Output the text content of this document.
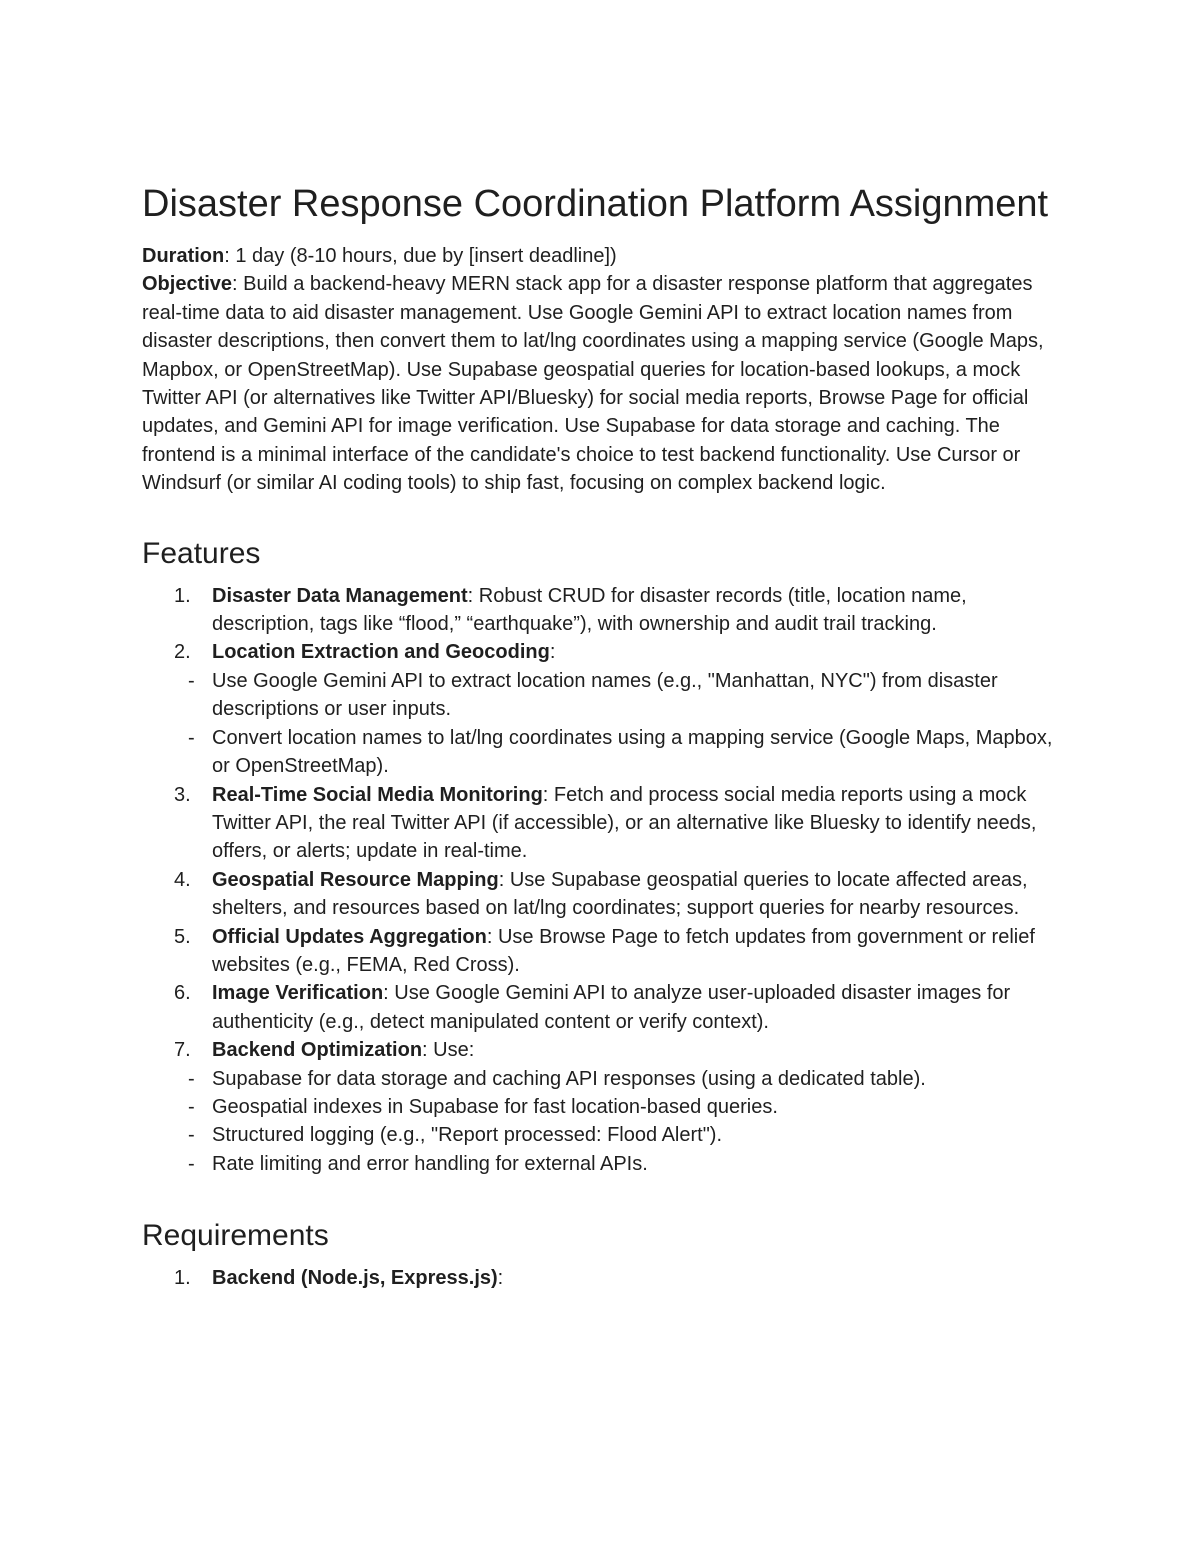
Disaster Response Coordination Platform Assignment

Duration: 1 day (8-10 hours, due by [insert deadline])

Objective: Build a backend-heavy MERN stack app for a disaster response platform that aggregates real-time data to aid disaster management. Use Google Gemini API to extract location names from disaster descriptions, then convert them to lat/lng coordinates using a mapping service (Google Maps, Mapbox, or OpenStreetMap). Use Supabase geospatial queries for location-based lookups, a mock Twitter API (or alternatives like Twitter API/Bluesky) for social media reports, Browse Page for official updates, and Gemini API for image verification. Use Supabase for data storage and caching. The frontend is a minimal interface of the candidate's choice to test backend functionality. Use Cursor or Windsurf (or similar AI coding tools) to ship fast, focusing on complex backend logic.

Features
1.	Disaster Data Management: Robust CRUD for disaster records (title, location name, description, tags like “flood,” “earthquake”), with ownership and audit trail tracking.
2.	Location Extraction and Geocoding:
- Use Google Gemini API to extract location names (e.g., "Manhattan, NYC") from disaster descriptions or user inputs.
- Convert location names to lat/lng coordinates using a mapping service (Google Maps, Mapbox, or OpenStreetMap).
3.	Real-Time Social Media Monitoring: Fetch and process social media reports using a mock Twitter API, the real Twitter API (if accessible), or an alternative like Bluesky to identify needs, offers, or alerts; update in real-time.
4.	Geospatial Resource Mapping: Use Supabase geospatial queries to locate affected areas, shelters, and resources based on lat/lng coordinates; support queries for nearby resources.
5.	Official Updates Aggregation: Use Browse Page to fetch updates from government or relief websites (e.g., FEMA, Red Cross).
6.	Image Verification: Use Google Gemini API to analyze user-uploaded disaster images for authenticity (e.g., detect manipulated content or verify context).
7.	Backend Optimization: Use:
- Supabase for data storage and caching API responses (using a dedicated table).
- Geospatial indexes in Supabase for fast location-based queries.
- Structured logging (e.g., "Report processed: Flood Alert").
- Rate limiting and error handling for external APIs.
Requirements
1.	Backend (Node.js, Express.js):
